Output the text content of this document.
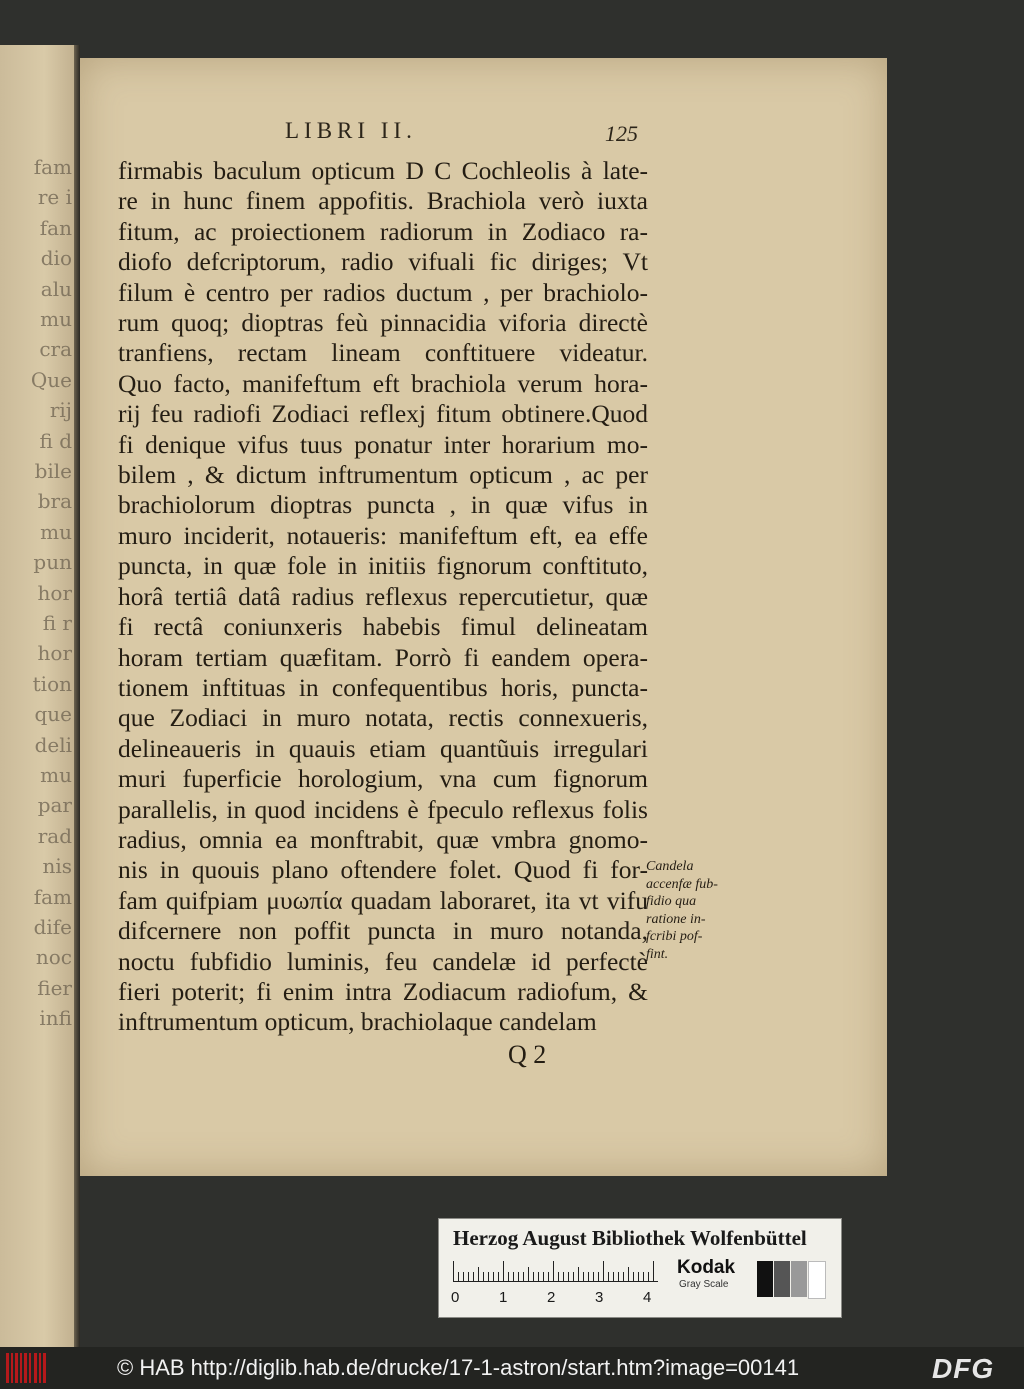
fam
re i
fan
dio
alu
mu
cra
Que
rij
fi d
bile
bra
mu
pun
hor
fi r
hor
tion
que
deli
mu
par
rad
nis
fam
dife
noc
fier
infi
LIBRI II.	125
firmabis baculum opticum D C Cochleolis à late-
re in hunc finem appofitis. Brachiola verò iuxta
fitum, ac proiectionem radiorum in Zodiaco ra-
diofo defcriptorum, radio vifuali fic diriges; Vt
filum è centro per radios ductum , per brachiolo-
rum quoq; dioptras feù pinnacidia viforia directè
tranfiens, rectam lineam conftituere videatur.
Quo facto, manifeftum eft brachiola verum hora-
rij feu radiofi Zodiaci reflexj fitum obtinere.Quod
fi denique vifus tuus ponatur inter horarium mo-
bilem , & dictum inftrumentum opticum , ac per
brachiolorum dioptras puncta , in quæ vifus in
muro inciderit, notaueris: manifeftum eft, ea effe
puncta, in quæ fole in initiis fignorum conftituto,
horâ tertiâ datâ radius reflexus repercutietur, quæ
fi rectâ coniunxeris habebis fimul delineatam
horam tertiam quæfitam. Porrò fi eandem opera-
tionem inftituas in confequentibus horis, puncta-
que Zodiaci in muro notata, rectis connexueris,
delineaueris in quauis etiam quantũuis irregulari
muri fuperficie horologium, vna cum fignorum
parallelis, in quod incidens è fpeculo reflexus folis
radius, omnia ea monftrabit, quæ vmbra gnomo-
nis in quouis plano oftendere folet. Quod fi for-
fam quifpiam μυωπία quadam laboraret, ita vt vifu
difcernere non poffit puncta in muro notanda,
noctu fubfidio luminis, feu candelæ id perfectè
fieri poterit; fi enim intra Zodiacum radiofum, &
inftrumentum opticum, brachiolaque candelam
Candela
accenfæ fub-
fidio qua
ratione in-
fcribi pof-
fint.
Q 2
Herzog August Bibliothek Wolfenbüttel
0	1	2	3	4
Kodak
Gray Scale
© HAB http://diglib.hab.de/drucke/17-1-astron/start.htm?image=00141	DFG
